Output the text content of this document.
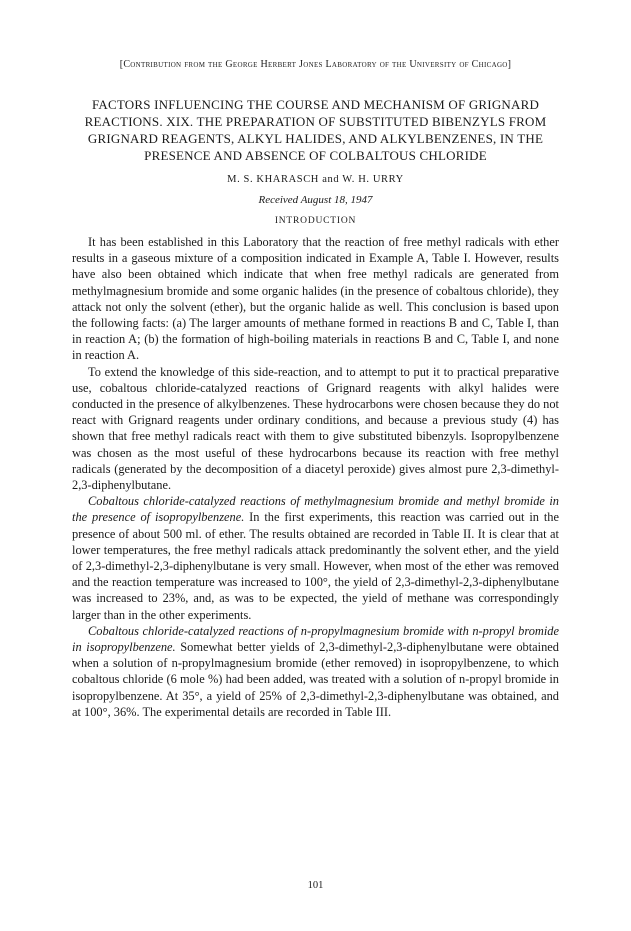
[Contribution from the George Herbert Jones Laboratory of the University of Chicago]
FACTORS INFLUENCING THE COURSE AND MECHANISM OF GRIGNARD REACTIONS. XIX. THE PREPARATION OF SUBSTITUTED BIBENZYLS FROM GRIGNARD REAGENTS, ALKYL HALIDES, AND ALKYLBENZENES, IN THE PRESENCE AND ABSENCE OF COLBALTOUS CHLORIDE
M. S. KHARASCH and W. H. URRY
Received August 18, 1947
INTRODUCTION

It has been established in this Laboratory that the reaction of free methyl radicals with ether results in a gaseous mixture of a composition indicated in Example A, Table I. However, results have also been obtained which indicate that when free methyl radicals are generated from methylmagnesium bromide and some organic halides (in the presence of cobaltous chloride), they attack not only the solvent (ether), but the organic halide as well. This conclusion is based upon the following facts: (a) The larger amounts of methane formed in reactions B and C, Table I, than in reaction A; (b) the formation of high-boiling materials in reactions B and C, Table I, and none in reaction A.

To extend the knowledge of this side-reaction, and to attempt to put it to practical preparative use, cobaltous chloride-catalyzed reactions of Grignard reagents with alkyl halides were conducted in the presence of alkylbenzenes. These hydrocarbons were chosen because they do not react with Grignard reagents under ordinary conditions, and because a previous study (4) has shown that free methyl radicals react with them to give substituted bibenzyls. Isopropylbenzene was chosen as the most useful of these hydrocarbons because its reaction with free methyl radicals (generated by the decomposition of a diacetyl peroxide) gives almost pure 2,3-dimethyl-2,3-diphenylbutane.

Cobaltous chloride-catalyzed reactions of methylmagnesium bromide and methyl bromide in the presence of isopropylbenzene. In the first experiments, this reaction was carried out in the presence of about 500 ml. of ether. The results obtained are recorded in Table II. It is clear that at lower temperatures, the free methyl radicals attack predominantly the solvent ether, and the yield of 2,3-dimethyl-2,3-diphenylbutane is very small. However, when most of the ether was removed and the reaction temperature was increased to 100°, the yield of 2,3-dimethyl-2,3-diphenylbutane was increased to 23%, and, as was to be expected, the yield of methane was correspondingly larger than in the other experiments.

Cobaltous chloride-catalyzed reactions of n-propylmagnesium bromide with n-propyl bromide in isopropylbenzene. Somewhat better yields of 2,3-dimethyl-2,3-diphenylbutane were obtained when a solution of n-propylmagnesium bromide (ether removed) in isopropylbenzene, to which cobaltous chloride (6 mole %) had been added, was treated with a solution of n-propyl bromide in isopropylbenzene. At 35°, a yield of 25% of 2,3-dimethyl-2,3-diphenylbutane was obtained, and at 100°, 36%. The experimental details are recorded in Table III.

101
